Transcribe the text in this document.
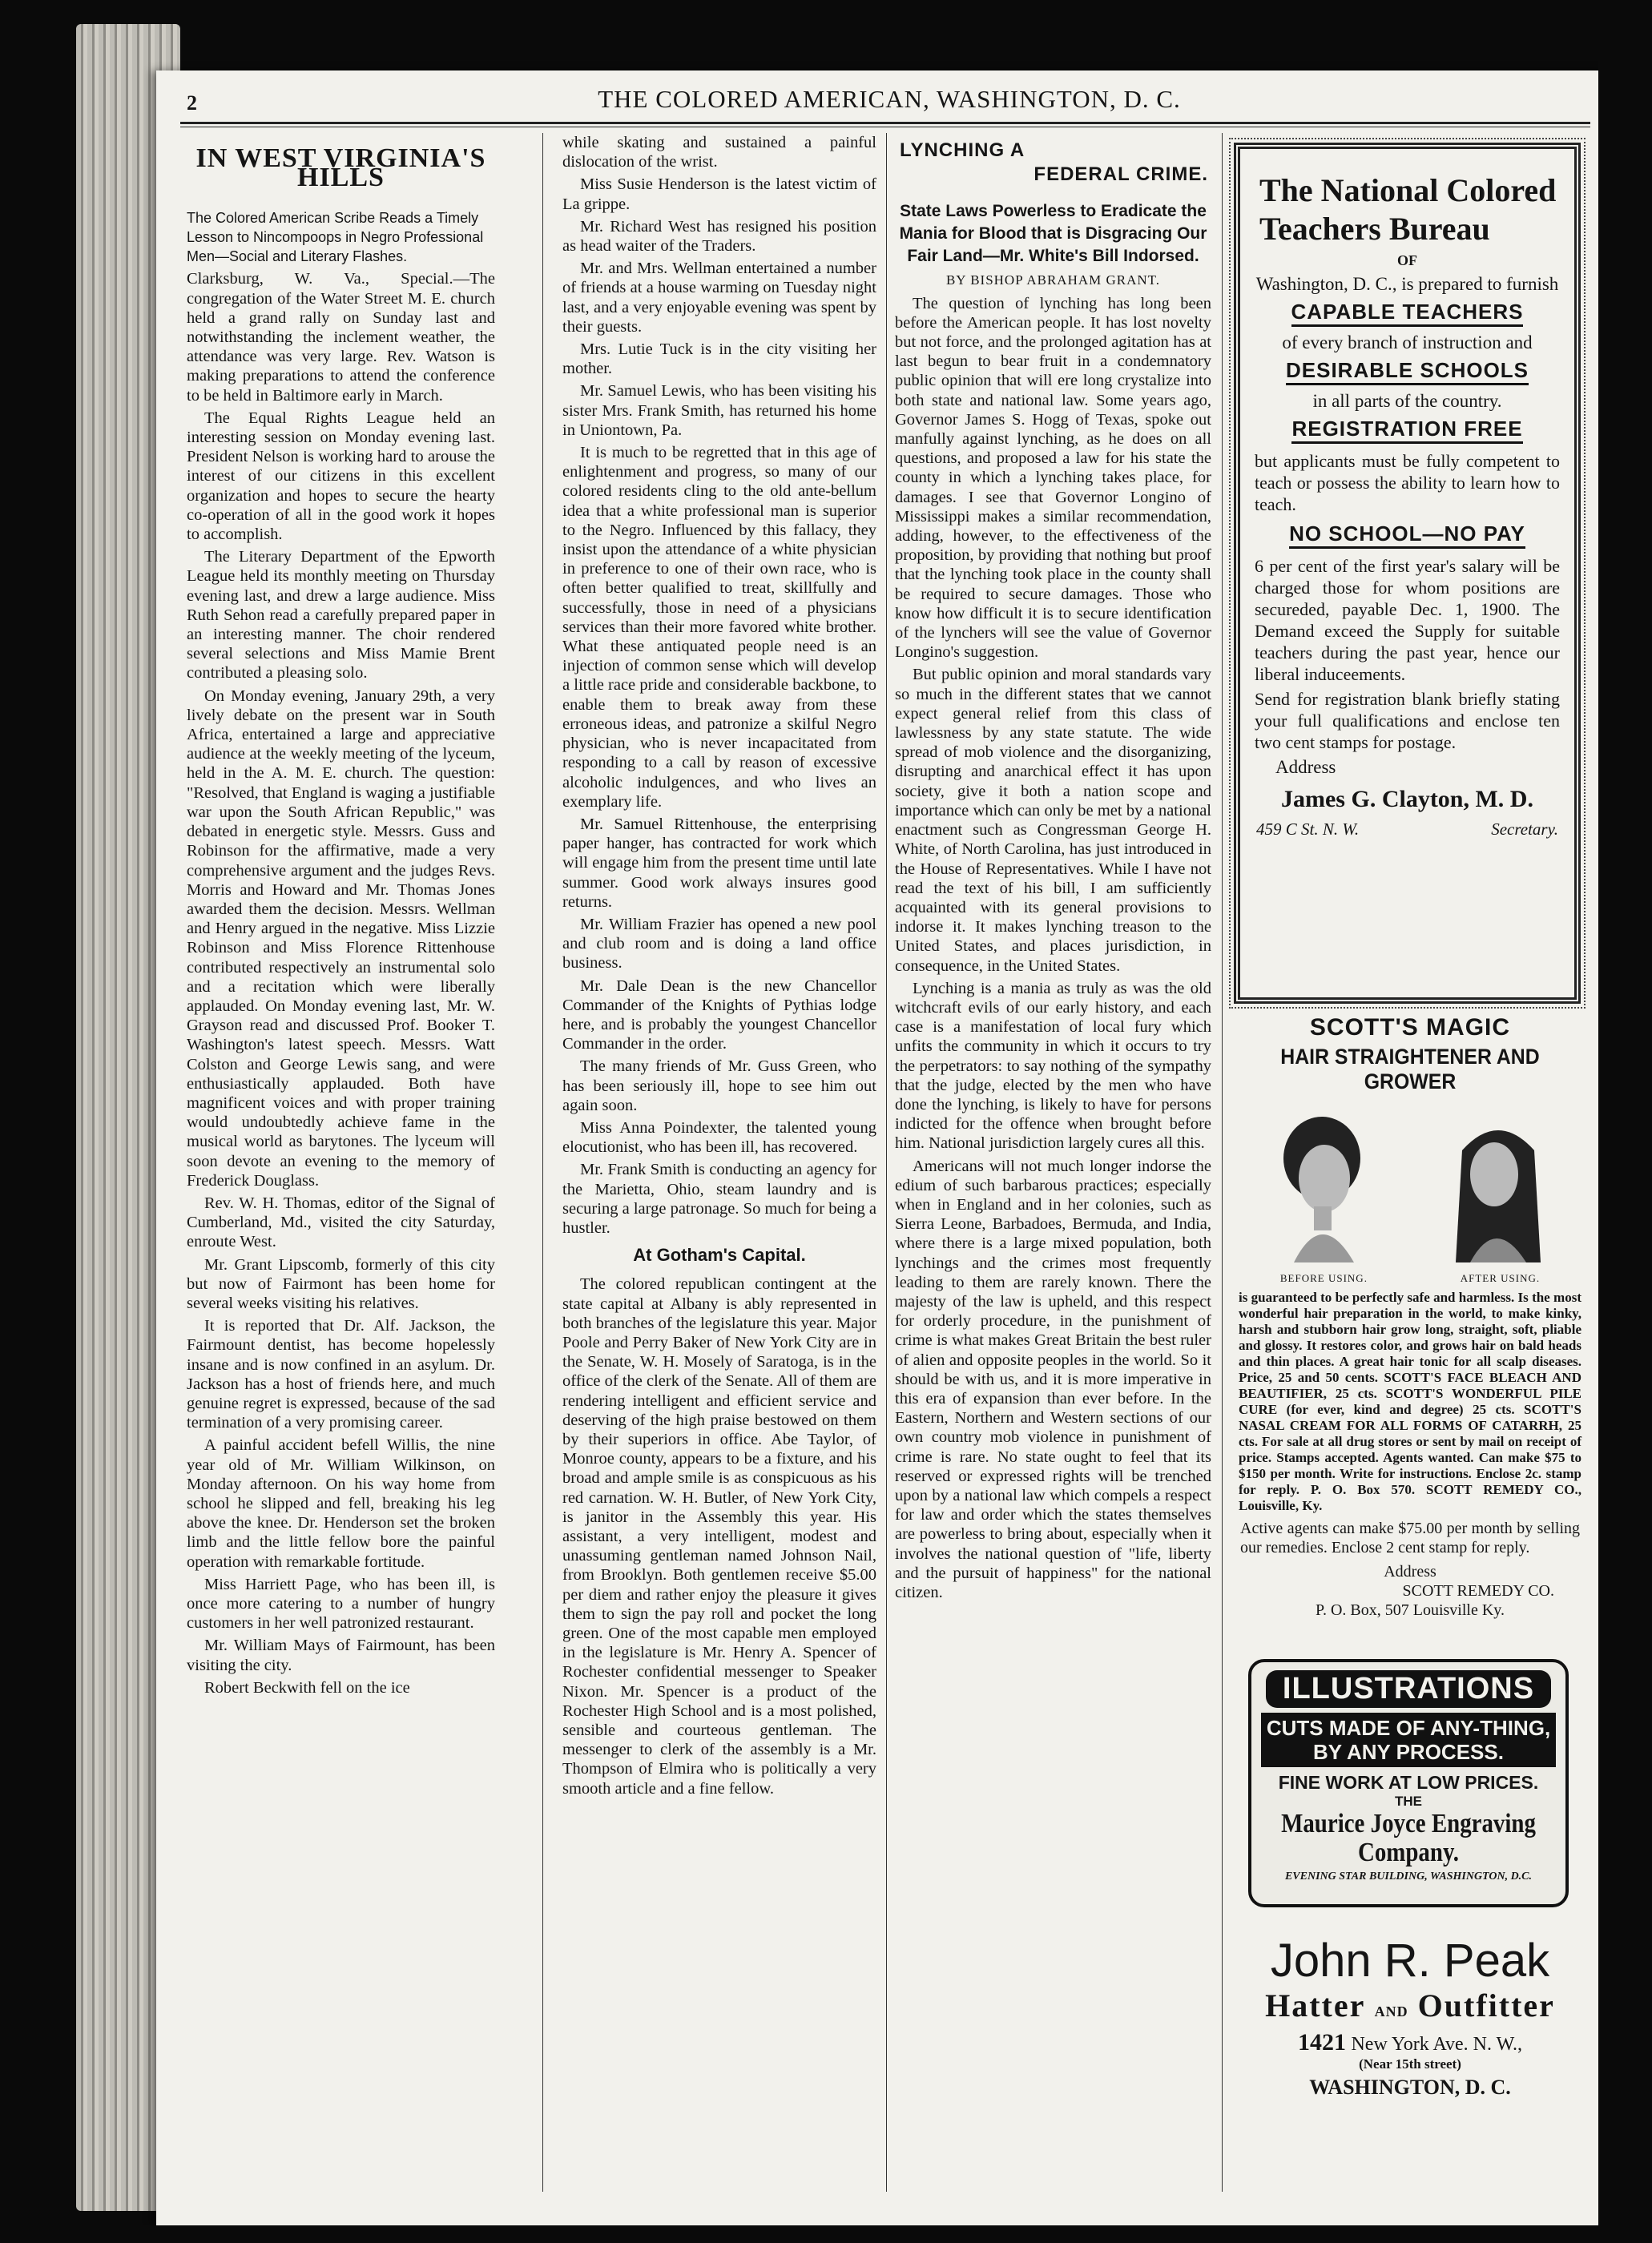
2	THE COLORED AMERICAN, WASHINGTON, D. C.
IN WEST VIRGINIA'S HILLS

The Colored American Scribe Reads a Timely Lesson to Nincompoops in Negro Professional Men—Social and Literary Flashes.

Clarksburg, W. Va., Special.—The congregation of the Water Street M. E. church held a grand rally on Sunday last and notwithstanding the inclement weather, the attendance was very large. Rev. Watson is making preparations to attend the conference to be held in Baltimore early in March.

The Equal Rights League held an interesting session on Monday evening last. President Nelson is working hard to arouse the interest of our citizens in this excellent organization and hopes to secure the hearty co-operation of all in the good work it hopes to accomplish.

The Literary Department of the Epworth League held its monthly meeting on Thursday evening last, and drew a large audience. Miss Ruth Sehon read a carefully prepared paper in an interesting manner. The choir rendered several selections and Miss Mamie Brent contributed a pleasing solo.

On Monday evening, January 29th, a very lively debate on the present war in South Africa, entertained a large and appreciative audience at the weekly meeting of the lyceum, held in the A. M. E. church. The question: "Resolved, that England is waging a justifiable war upon the South African Republic," was debated in energetic style. Messrs. Guss and Robinson for the affirmative, made a very comprehensive argument and the judges Revs. Morris and Howard and Mr. Thomas Jones awarded them the decision. Messrs. Wellman and Henry argued in the negative. Miss Lizzie Robinson and Miss Florence Rittenhouse contributed respectively an instrumental solo and a recitation which were liberally applauded. On Monday evening last, Mr. W. Grayson read and discussed Prof. Booker T. Washington's latest speech. Messrs. Watt Colston and George Lewis sang, and were enthusiastically applauded. Both have magnificent voices and with proper training would undoubtedly achieve fame in the musical world as barytones. The lyceum will soon devote an evening to the memory of Frederick Douglass.

Rev. W. H. Thomas, editor of the Signal of Cumberland, Md., visited the city Saturday, enroute West.

Mr. Grant Lipscomb, formerly of this city but now of Fairmont has been home for several weeks visiting his relatives.

It is reported that Dr. Alf. Jackson, the Fairmount dentist, has become hopelessly insane and is now confined in an asylum. Dr. Jackson has a host of friends here, and much genuine regret is expressed, because of the sad termination of a very promising career.

A painful accident befell Willis, the nine year old of Mr. William Wilkinson, on Monday afternoon. On his way home from school he slipped and fell, breaking his leg above the knee. Dr. Henderson set the broken limb and the little fellow bore the painful operation with remarkable fortitude.

Miss Harriett Page, who has been ill, is once more catering to a number of hungry customers in her well patronized restaurant.

Mr. William Mays of Fairmount, has been visiting the city.

Robert Beckwith fell on the ice

while skating and sustained a painful dislocation of the wrist.

Miss Susie Henderson is the latest victim of La grippe.

Mr. Richard West has resigned his position as head waiter of the Traders.

Mr. and Mrs. Wellman entertained a number of friends at a house warming on Tuesday night last, and a very enjoyable evening was spent by their guests.

Mrs. Lutie Tuck is in the city visiting her mother.

Mr. Samuel Lewis, who has been visiting his sister Mrs. Frank Smith, has returned his home in Uniontown, Pa.

It is much to be regretted that in this age of enlightenment and progress, so many of our colored residents cling to the old ante-bellum idea that a white professional man is superior to the Negro. Influenced by this fallacy, they insist upon the attendance of a white physician in preference to one of their own race, who is often better qualified to treat, skillfully and successfully, those in need of a physicians services than their more favored white brother. What these antiquated people need is an injection of common sense which will develop a little race pride and considerable backbone, to enable them to break away from these erroneous ideas, and patronize a skilful Negro physician, who is never incapacitated from responding to a call by reason of excessive alcoholic indulgences, and who lives an exemplary life.

Mr. Samuel Rittenhouse, the enterprising paper hanger, has contracted for work which will engage him from the present time until late summer. Good work always insures good returns.

Mr. William Frazier has opened a new pool and club room and is doing a land office business.

Mr. Dale Dean is the new Chancellor Commander of the Knights of Pythias lodge here, and is probably the youngest Chancellor Commander in the order.

The many friends of Mr. Guss Green, who has been seriously ill, hope to see him out again soon.

Miss Anna Poindexter, the talented young elocutionist, who has been ill, has recovered.

Mr. Frank Smith is conducting an agency for the Marietta, Ohio, steam laundry and is securing a large patronage. So much for being a hustler.

At Gotham's Capital.

The colored republican contingent at the state capital at Albany is ably represented in both branches of the legislature this year. Major Poole and Perry Baker of New York City are in the Senate, W. H. Mosely of Saratoga, is in the office of the clerk of the Senate. All of them are rendering intelligent and efficient service and deserving of the high praise bestowed on them by their superiors in office. Abe Taylor, of Monroe county, appears to be a fixture, and his broad and ample smile is as conspicuous as his red carnation. W. H. Butler, of New York City, is janitor in the Assembly this year. His assistant, a very intelligent, modest and unassuming gentleman named Johnson Nail, from Brooklyn. Both gentlemen receive $5.00 per diem and rather enjoy the pleasure it gives them to sign the pay roll and pocket the long green. One of the most capable men employed in the legislature is Mr. Henry A. Spencer of Rochester confidential messenger to Speaker Nixon. Mr. Spencer is a product of the Rochester High School and is a most polished, sensible and courteous gentleman. The messenger to clerk of the assembly is a Mr. Thompson of Elmira who is politically a very smooth article and a fine fellow.

LYNCHING A
FEDERAL CRIME.

State Laws Powerless to Eradicate the Mania for Blood that is Disgracing Our Fair Land—Mr. White's Bill Indorsed.

BY BISHOP ABRAHAM GRANT.

The question of lynching has long been before the American people. It has lost novelty but not force, and the prolonged agitation has at last begun to bear fruit in a condemnatory public opinion that will ere long crystalize into both state and national law. Some years ago, Governor James S. Hogg of Texas, spoke out manfully against lynching, as he does on all questions, and proposed a law for his state the county in which a lynching takes place, for damages. I see that Governor Longino of Mississippi makes a similar recommendation, adding, however, to the effectiveness of the proposition, by providing that nothing but proof that the lynching took place in the county shall be required to secure damages. Those who know how difficult it is to secure identification of the lynchers will see the value of Governor Longino's suggestion.

But public opinion and moral standards vary so much in the different states that we cannot expect general relief from this class of lawlessness by any state statute. The wide spread of mob violence and the disorganizing, disrupting and anarchical effect it has upon society, give it both a nation scope and importance which can only be met by a national enactment such as Congressman George H. White, of North Carolina, has just introduced in the House of Representatives. While I have not read the text of his bill, I am sufficiently acquainted with its general provisions to indorse it. It makes lynching treason to the United States, and places jurisdiction, in consequence, in the United States.

Lynching is a mania as truly as was the old witchcraft evils of our early history, and each case is a manifestation of local fury which unfits the community in which it occurs to try the perpetrators: to say nothing of the sympathy that the judge, elected by the men who have done the lynching, is likely to have for persons indicted for the offence when brought before him. National jurisdiction largely cures all this.

Americans will not much longer indorse the edium of such barbarous practices; especially when in England and in her colonies, such as Sierra Leone, Barbadoes, Bermuda, and India, where there is a large mixed population, both lynchings and the crimes most frequently leading to them are rarely known. There the majesty of the law is upheld, and this respect for orderly procedure, in the punishment of crime is what makes Great Britain the best ruler of alien and opposite peoples in the world. So it should be with us, and it is more imperative in this era of expansion than ever before. In the Eastern, Northern and Western sections of our own country mob violence in punishment of crime is rare. No state ought to feel that its reserved or expressed rights will be trenched upon by a national law which compels a respect for law and order which the states themselves are powerless to bring about, especially when it involves the national question of "life, liberty and the pursuit of happiness" for the national citizen.

The National Colored Teachers Bureau
OF
Washington, D. C., is prepared to furnish
CAPABLE TEACHERS
of every branch of instruction and
DESIRABLE SCHOOLS
in all parts of the country.
REGISTRATION FREE
but applicants must be fully competent to teach or possess the ability to learn how to teach.
NO SCHOOL—NO PAY
6 per cent of the first year's salary will be charged those for whom positions are secureded, payable Dec. 1, 1900. The Demand exceed the Supply for suitable teachers during the past year, hence our liberal induceements.
Send for registration blank briefly stating your full qualifications and enclose ten two cent stamps for postage.
Address
James G. Clayton, M. D.
459 C St. N. W.	Secretary.
SCOTT'S MAGIC
HAIR STRAIGHTENER AND GROWER
BEFORE USING.	AFTER USING.
is guaranteed to be perfectly safe and harmless. Is the most wonderful hair preparation in the world, to make kinky, harsh and stubborn hair grow long, straight, soft, pliable and glossy. It restores color, and grows hair on bald heads and thin places. A great hair tonic for all scalp diseases. Price, 25 and 50 cents. SCOTT'S FACE BLEACH AND BEAUTIFIER, 25 cts. SCOTT'S WONDERFUL PILE CURE (for ever, kind and degree) 25 cts. SCOTT'S NASAL CREAM FOR ALL FORMS OF CATARRH, 25 cts. For sale at all drug stores or sent by mail on receipt of price. Stamps accepted. Agents wanted. Can make $75 to $150 per month. Write for instructions. Enclose 2c. stamp for reply. P. O. Box 570. SCOTT REMEDY CO., Louisville, Ky.
Active agents can make $75.00 per month by selling our remedies. Enclose 2 cent stamp for reply.
Address
SCOTT REMEDY CO.
P. O. Box, 507 Louisville Ky.
ILLUSTRATIONS
CUTS MADE OF ANY-THING, BY ANY PROCESS.
FINE WORK AT LOW PRICES.
THE
Maurice Joyce Engraving Company.
EVENING STAR BUILDING, WASHINGTON, D.C.
John R. Peak
Hatter AND Outfitter
1421 New York Ave. N. W.,
(Near 15th street)
WASHINGTON, D. C.
